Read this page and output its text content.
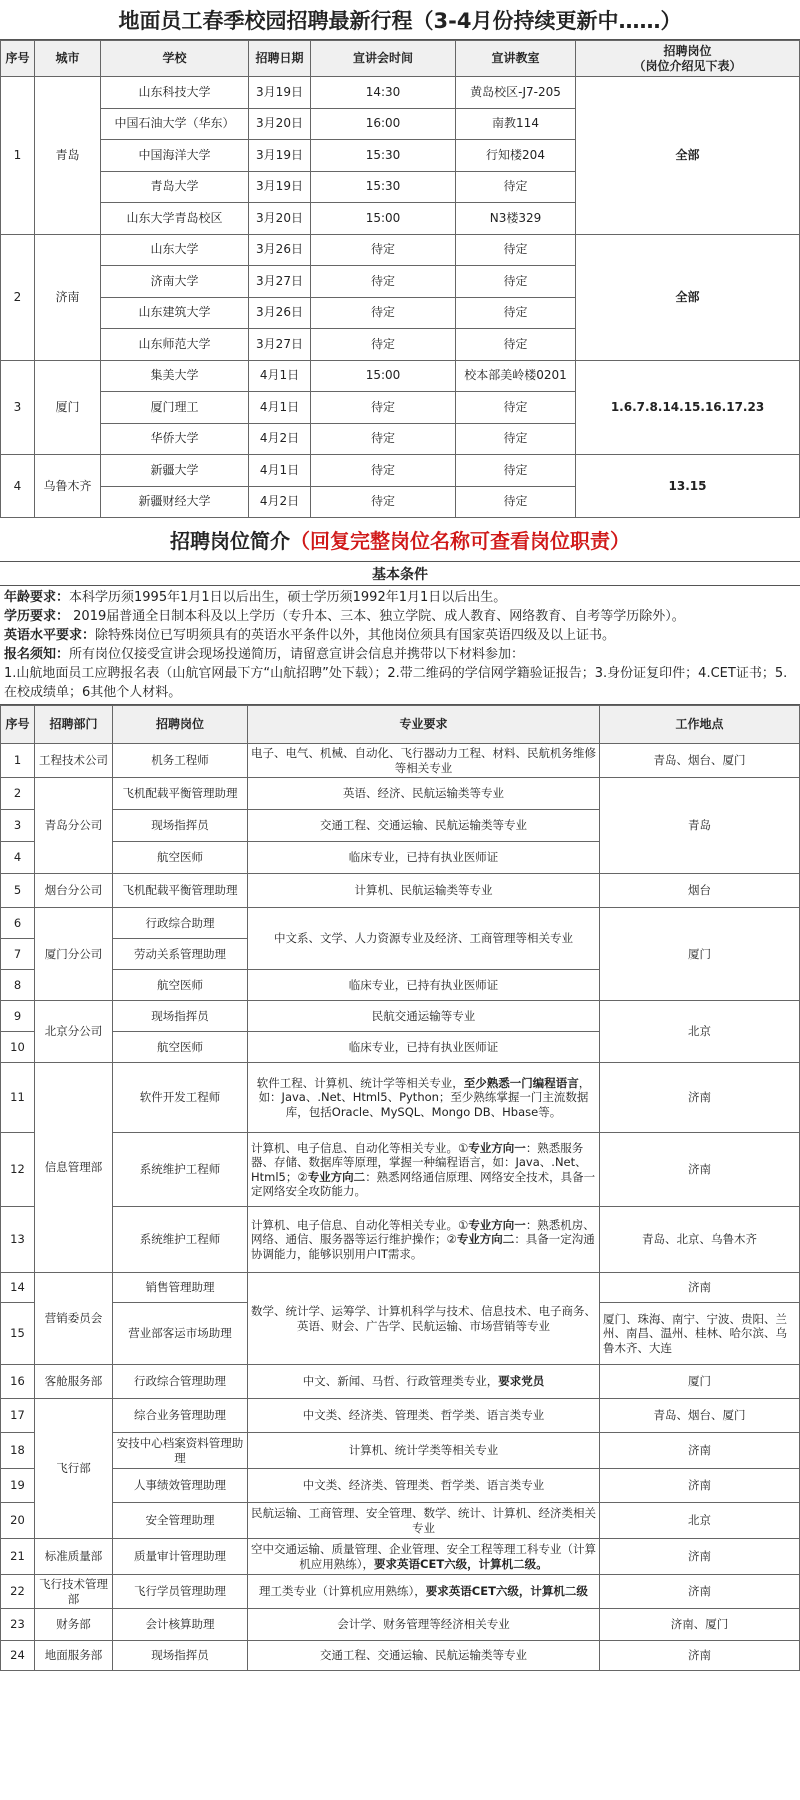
地面员工春季校园招聘最新行程（3-4月份持续更新中……）
序号	城市	学校	招聘日期	宣讲会时间	宣讲教室	招聘岗位
（岗位介绍见下表）
1	青岛	山东科技大学	3月19日	14:30	黄岛校区-J7-205	全部
		中国石油大学（华东）	3月20日	16:00	南教114	
		中国海洋大学	3月19日	15:30	行知楼204	
		青岛大学	3月19日	15:30	待定	
		山东大学青岛校区	3月20日	15:00	N3楼329	
2	济南	山东大学	3月26日	待定	待定	全部
		济南大学	3月27日	待定	待定	
		山东建筑大学	3月26日	待定	待定	
		山东师范大学	3月27日	待定	待定	
3	厦门	集美大学	4月1日	15:00	校本部美岭楼0201	1.6.7.8.14.15.16.17.23
		厦门理工	4月1日	待定	待定	
		华侨大学	4月2日	待定	待定	
4	乌鲁木齐	新疆大学	4月1日	待定	待定	13.15
		新疆财经大学	4月2日	待定	待定	
招聘岗位简介 （回复完整岗位名称可查看岗位职责）
基本条件
年龄要求：本科学历须1995年1月1日以后出生，硕士学历须1992年1月1日以后出生。
学历要求： 2019届普通全日制本科及以上学历（专升本、三本、独立学院、成人教育、网络教育、自考等学历除外）。
英语水平要求：除特殊岗位已写明须具有的英语水平条件以外，其他岗位须具有国家英语四级及以上证书。
报名须知：所有岗位仅接受宣讲会现场投递简历，请留意宣讲会信息并携带以下材料参加：
1.山航地面员工应聘报名表（山航官网最下方“山航招聘”处下载）；2.带二维码的学信网学籍验证报告；3.身份证复印件；4.CET证书；5.在校成绩单；6其他个人材料。
序号	招聘部门	招聘岗位	专业要求	工作地点
1	工程技术公司	机务工程师	电子、电气、机械、自动化、飞行器动力工程、材料、民航机务维修等相关专业	青岛、烟台、厦门
2	青岛分公司	飞机配载平衡管理助理	英语、经济、民航运输类等专业	青岛
3		现场指挥员	交通工程、交通运输、民航运输类等专业	
4		航空医师	临床专业，已持有执业医师证	
5	烟台分公司	飞机配载平衡管理助理	计算机、民航运输类等专业	烟台
6	厦门分公司	行政综合助理	中文系、文学、人力资源专业及经济、工商管理等相关专业	厦门
7		劳动关系管理助理		
8		航空医师	临床专业，已持有执业医师证	
9	北京分公司	现场指挥员	民航交通运输等专业	北京
10		航空医师	临床专业，已持有执业医师证	
11	信息管理部	软件开发工程师	软件工程、计算机、统计学等相关专业，至少熟悉一门编程语言，如：Java、.Net、Html5、Python；至少熟练掌握一门主流数据库，包括Oracle、MySQL、Mongo DB、Hbase等。	济南
12		系统维护工程师	计算机、电子信息、自动化等相关专业。①专业方向一：熟悉服务器、存储、数据库等原理，掌握一种编程语言，如：Java、.Net、Html5；②专业方向二：熟悉网络通信原理、网络安全技术，具备一定网络安全攻防能力。	济南
13		系统维护工程师	计算机、电子信息、自动化等相关专业。①专业方向一：熟悉机房、网络、通信、服务器等运行维护操作；②专业方向二：具备一定沟通协调能力，能够识别用户IT需求。	青岛、北京、乌鲁木齐
14	营销委员会	销售管理助理	数学、统计学、运筹学、计算机科学与技术、信息技术、电子商务、英语、财会、广告学、民航运输、市场营销等专业	济南
15		营业部客运市场助理		厦门、珠海、南宁、宁波、贵阳、兰州、南昌、温州、桂林、哈尔滨、乌鲁木齐、大连
16	客舱服务部	行政综合管理助理	中文、新闻、马哲、行政管理类专业，要求党员	厦门
17	飞行部	综合业务管理助理	中文类、经济类、管理类、哲学类、语言类专业	青岛、烟台、厦门
18		安技中心档案资料管理助理	计算机、统计学类等相关专业	济南
19		人事绩效管理助理	中文类、经济类、管理类、哲学类、语言类专业	济南
20		安全管理助理	民航运输、工商管理、安全管理、数学、统计、计算机、经济类相关专业	北京
21	标准质量部	质量审计管理助理	空中交通运输、质量管理、企业管理、安全工程等理工科专业（计算机应用熟练），要求英语CET六级，计算机二级。	济南
22	飞行技术管理部	飞行学员管理助理	理工类专业（计算机应用熟练），要求英语CET六级，计算机二级	济南
23	财务部	会计核算助理	会计学、财务管理等经济相关专业	济南、厦门
24	地面服务部	现场指挥员	交通工程、交通运输、民航运输类等专业	济南
